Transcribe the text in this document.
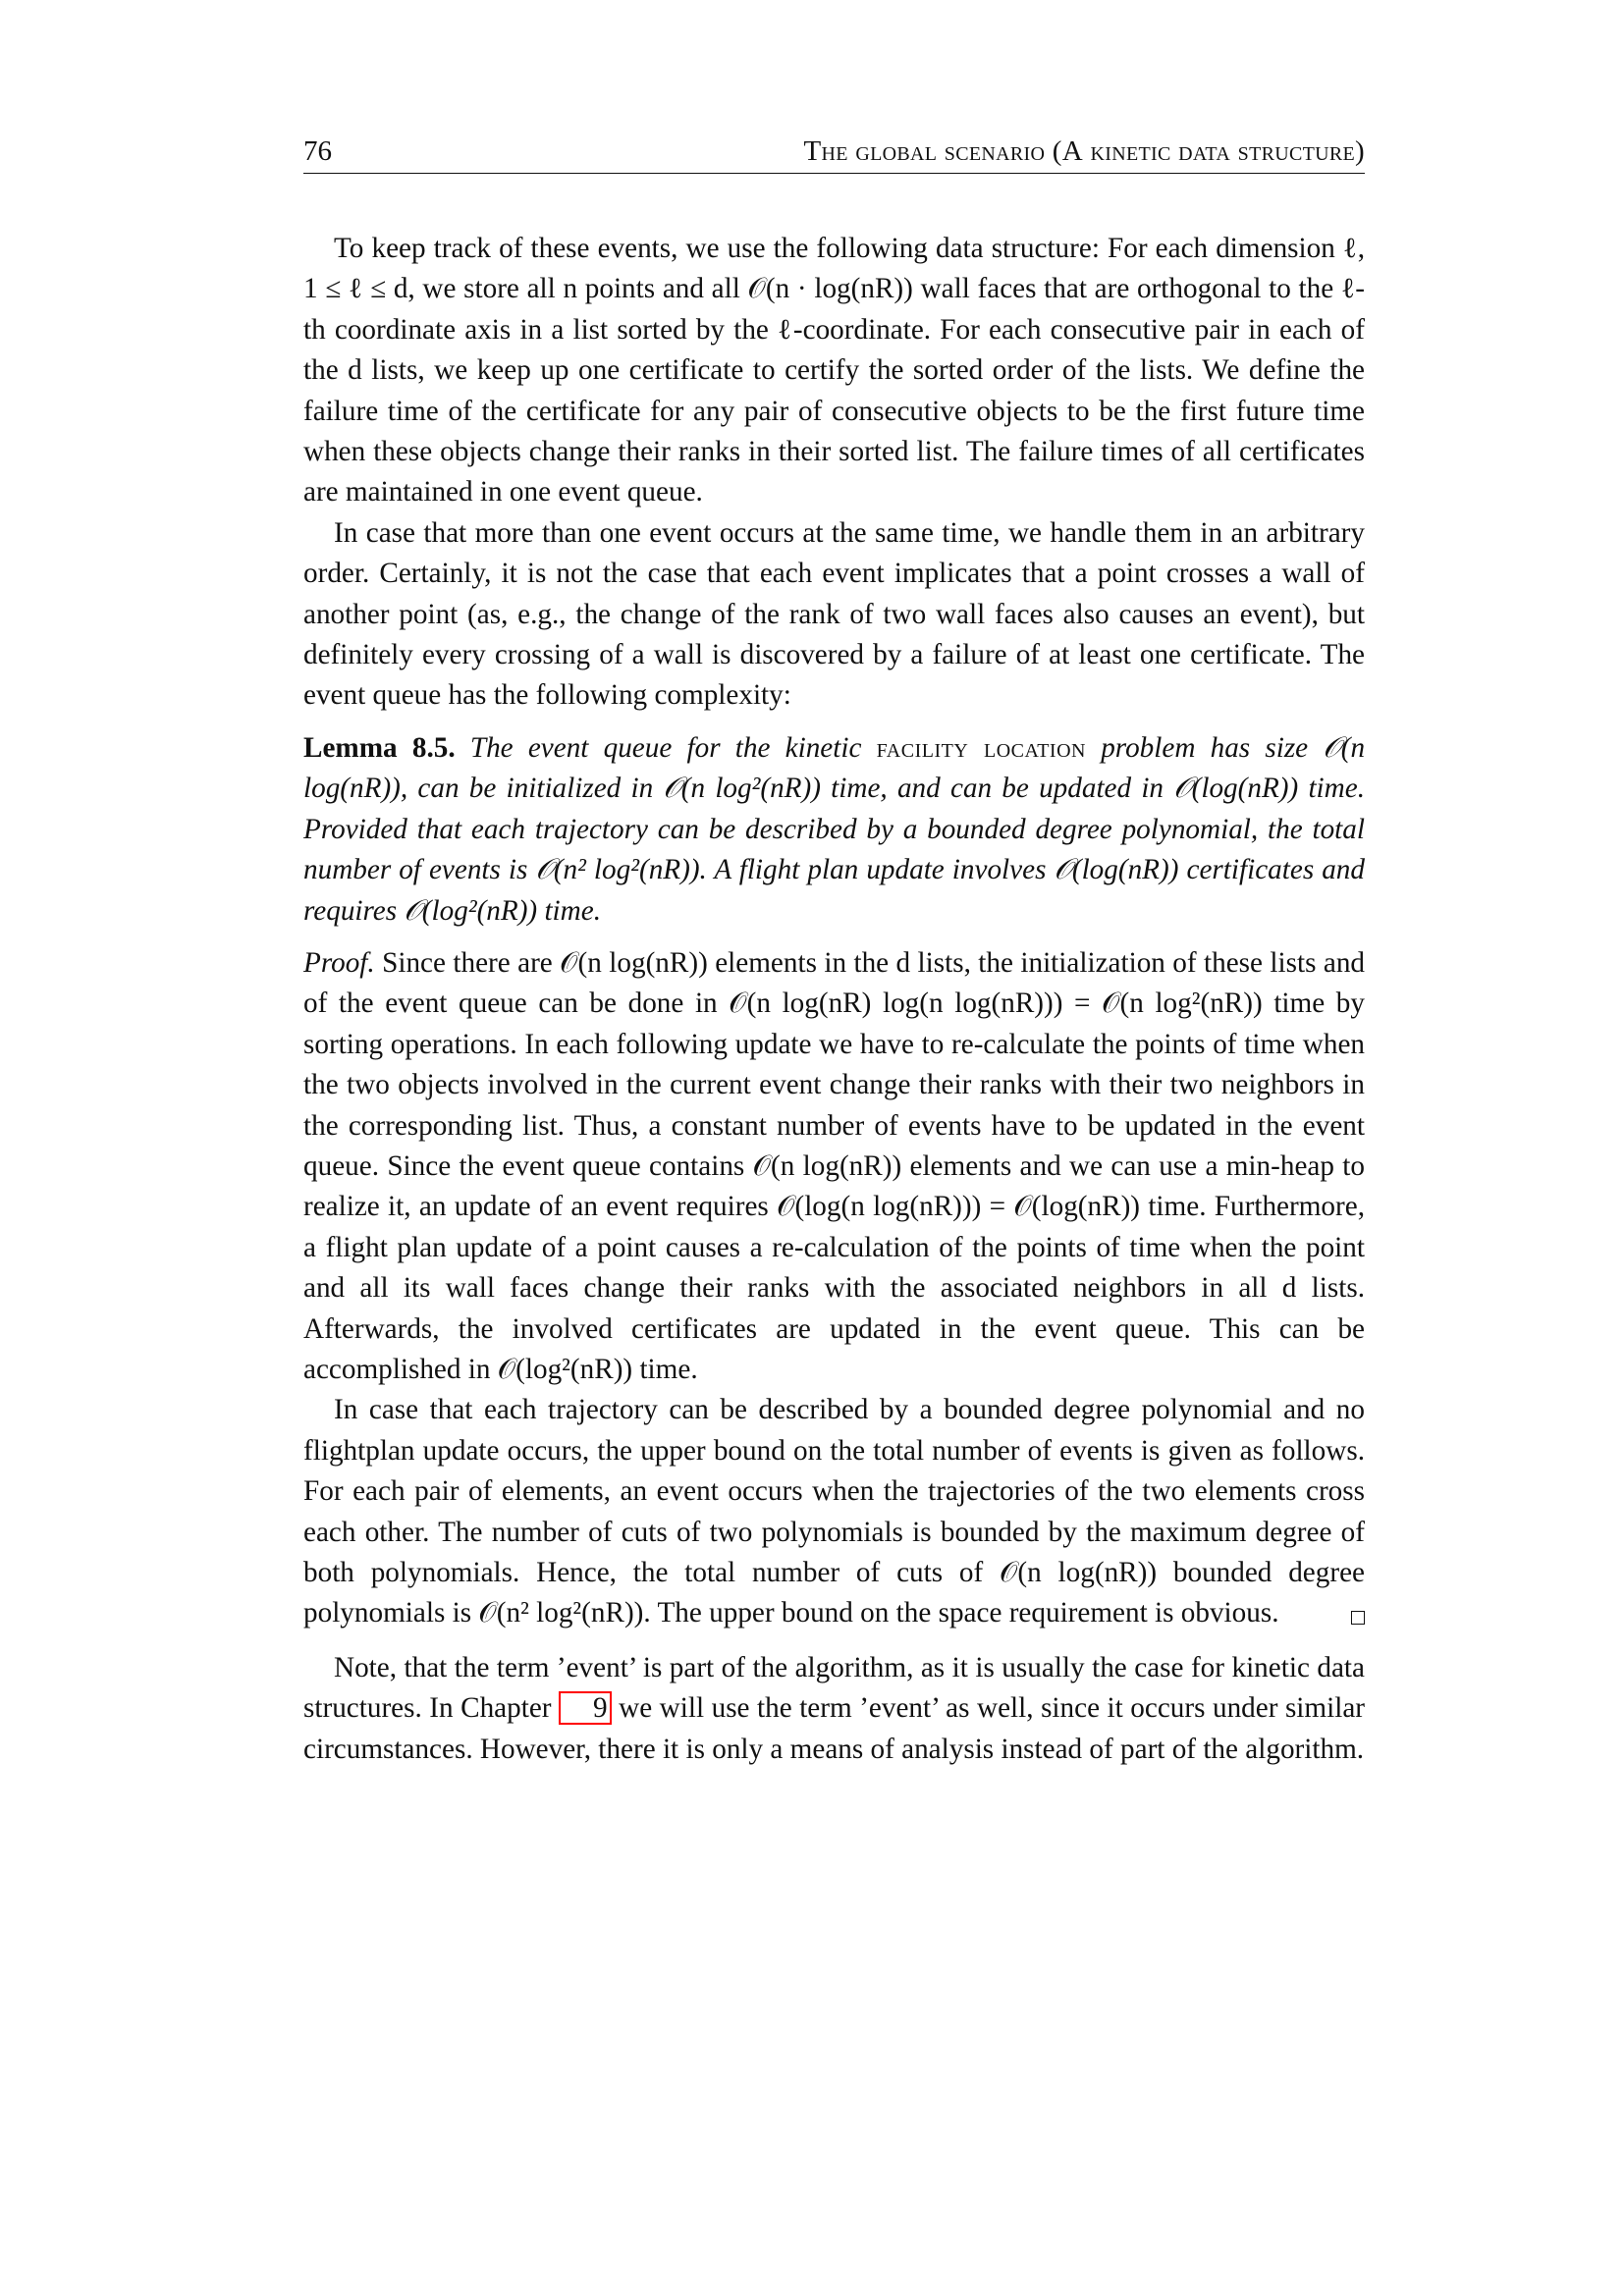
76	The global scenario (A kinetic data structure)

To keep track of these events, we use the following data structure: For each dimension ℓ, 1 ≤ ℓ ≤ d, we store all n points and all 𝒪(n · log(nR)) wall faces that are orthogonal to the ℓ-th coordinate axis in a list sorted by the ℓ-coordinate. For each consecutive pair in each of the d lists, we keep up one certificate to certify the sorted order of the lists. We define the failure time of the certificate for any pair of consecutive objects to be the first future time when these objects change their ranks in their sorted list. The failure times of all certificates are maintained in one event queue.

In case that more than one event occurs at the same time, we handle them in an arbitrary order. Certainly, it is not the case that each event implicates that a point crosses a wall of another point (as, e.g., the change of the rank of two wall faces also causes an event), but definitely every crossing of a wall is discovered by a failure of at least one certificate. The event queue has the following complexity:

Lemma 8.5. The event queue for the kinetic facility location problem has size 𝒪(n log(nR)), can be initialized in 𝒪(n log²(nR)) time, and can be updated in 𝒪(log(nR)) time. Provided that each trajectory can be described by a bounded degree polynomial, the total number of events is 𝒪(n² log²(nR)). A flight plan update involves 𝒪(log(nR)) certificates and requires 𝒪(log²(nR)) time.

Proof. Since there are 𝒪(n log(nR)) elements in the d lists, the initialization of these lists and of the event queue can be done in 𝒪(n log(nR) log(n log(nR))) = 𝒪(n log²(nR)) time by sorting operations. In each following update we have to re-calculate the points of time when the two objects involved in the current event change their ranks with their two neighbors in the corresponding list. Thus, a constant number of events have to be updated in the event queue. Since the event queue contains 𝒪(n log(nR)) elements and we can use a min-heap to realize it, an update of an event requires 𝒪(log(n log(nR))) = 𝒪(log(nR)) time. Furthermore, a flight plan update of a point causes a re-calculation of the points of time when the point and all its wall faces change their ranks with the associated neighbors in all d lists. Afterwards, the involved certificates are updated in the event queue. This can be accomplished in 𝒪(log²(nR)) time.

In case that each trajectory can be described by a bounded degree polynomial and no flightplan update occurs, the upper bound on the total number of events is given as follows. For each pair of elements, an event occurs when the trajectories of the two elements cross each other. The number of cuts of two polynomials is bounded by the maximum degree of both polynomials. Hence, the total number of cuts of 𝒪(n log(nR)) bounded degree polynomials is 𝒪(n² log²(nR)). The upper bound on the space requirement is obvious.

Note, that the term ’event’ is part of the algorithm, as it is usually the case for kinetic data structures. In Chapter 9 we will use the term ’event’ as well, since it occurs under similar circumstances. However, there it is only a means of analysis instead of part of the algorithm.
